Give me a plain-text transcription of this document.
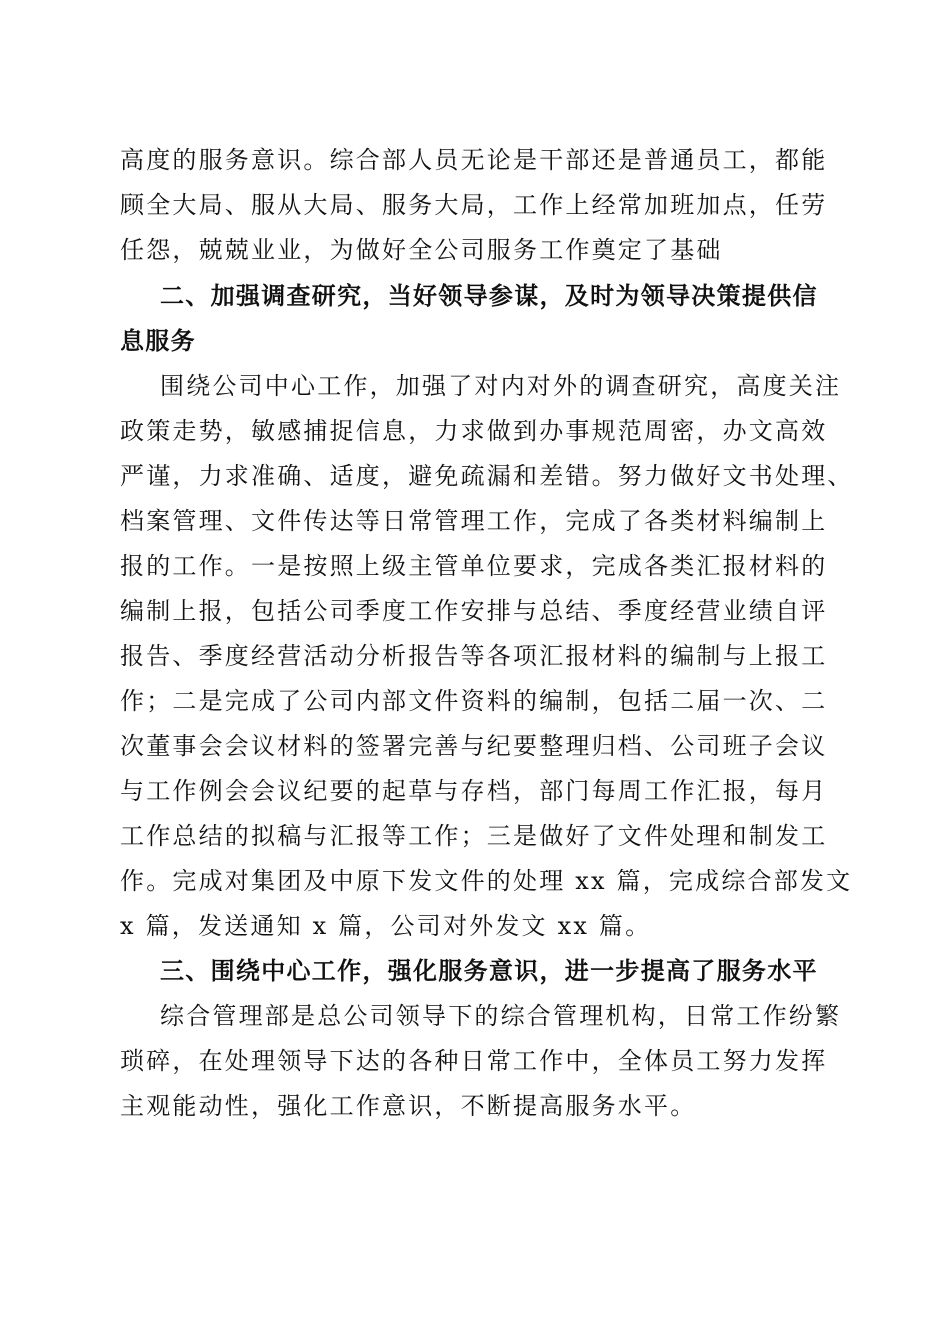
高度的服务意识。综合部人员无论是干部还是普通员工，都能
顾全大局、服从大局、服务大局，工作上经常加班加点，任劳
任怨，兢兢业业，为做好全公司服务工作奠定了基础
二、加强调查研究，当好领导参谋，及时为领导决策提供信
息服务
围绕公司中心工作，加强了对内对外的调查研究，高度关注
政策走势，敏感捕捉信息，力求做到办事规范周密，办文高效
严谨，力求准确、适度，避免疏漏和差错。努力做好文书处理、
档案管理、文件传达等日常管理工作，完成了各类材料编制上
报的工作。一是按照上级主管单位要求，完成各类汇报材料的
编制上报，包括公司季度工作安排与总结、季度经营业绩自评
报告、季度经营活动分析报告等各项汇报材料的编制与上报工
作；二是完成了公司内部文件资料的编制，包括二届一次、二
次董事会会议材料的签署完善与纪要整理归档、公司班子会议
与工作例会会议纪要的起草与存档，部门每周工作汇报，每月
工作总结的拟稿与汇报等工作；三是做好了文件处理和制发工
作。完成对集团及中原下发文件的处理 xx 篇，完成综合部发文
x 篇，发送通知 x 篇，公司对外发文 xx 篇。
三、围绕中心工作，强化服务意识，进一步提高了服务水平
综合管理部是总公司领导下的综合管理机构，日常工作纷繁
琐碎，在处理领导下达的各种日常工作中，全体员工努力发挥
主观能动性，强化工作意识，不断提高服务水平。
